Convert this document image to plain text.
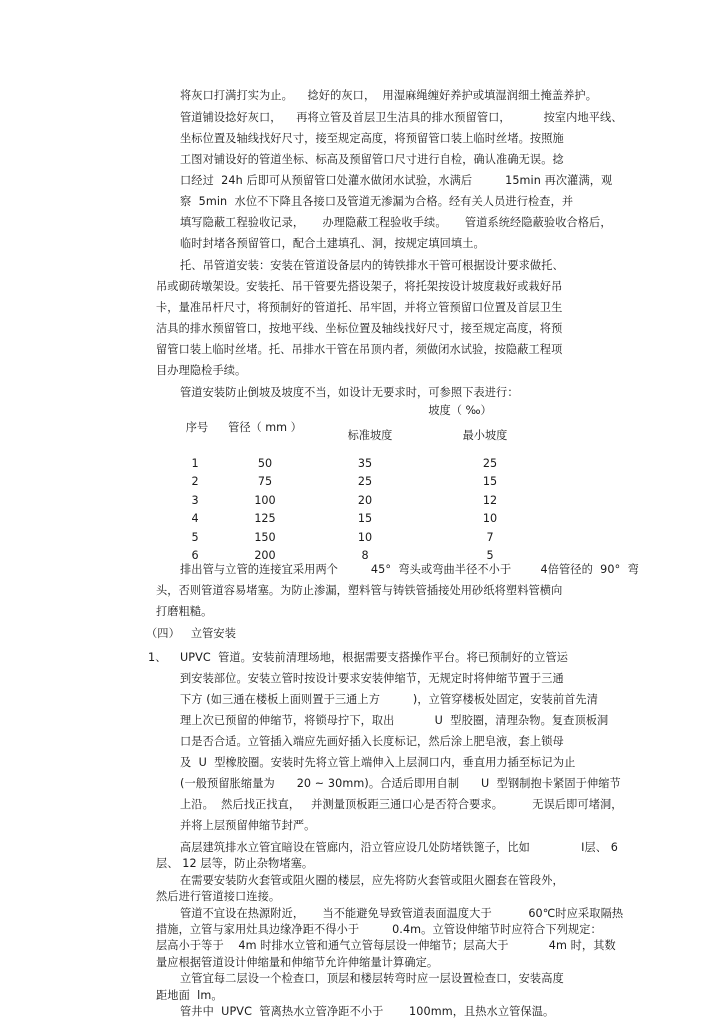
将灰口打满打实为止。    捻好的灰口，  用湿麻绳缠好养护或填湿润细土掩盖养护。
管道铺设捻好灰口，    再将立管及首层卫生洁具的排水预留管口，         按室内地平线、
坐标位置及轴线找好尺寸，接至规定高度，将预留管口装上临时丝堵。按照施
工图对铺设好的管道坐标、标高及预留管口尺寸进行自检，确认准确无误。捻
口经过  24h 后即可从预留管口处灌水做闭水试验，水满后         15min 再次灌满，观
察  5min  水位不下降且各接口及管道无渗漏为合格。经有关人员进行检查，并
填写隐蔽工程验收记录，     办理隐蔽工程验收手续。     管道系统经隐蔽验收合格后，
临时封堵各预留管口，配合土建填孔、洞，按规定填回填土。
托、吊管道安装：安装在管道设备层内的铸铁排水干管可根据设计要求做托、
吊或砌砖墩架设。安装托、吊干管要先搭设架子，将托架按设计坡度栽好或栽好吊
卡，量准吊杆尺寸，将预制好的管道托、吊牢固，并将立管预留口位置及首层卫生
洁具的排水预留管口，按地平线、坐标位置及轴线找好尺寸，接至规定高度，将预
留管口装上临时丝堵。托、吊排水干管在吊顶内者，须做闭水试验，按隐蔽工程项
目办理隐检手续。
管道安装防止倒坡及坡度不当，如设计无要求时，可参照下表进行：
坡度（ ‰）
序号	管径（ mm ）
标准坡度	最小坡度
1	50	35	25
2	75	25	15
3	100	20	12
4	125	15	10
5	150	10	7
6	200	8	5
排出管与立管的连接宜采用两个         45°  弯头或弯曲半径不小于        4倍管径的  90°  弯
头，否则管道容易堵塞。为防止渗漏，塑料管与铸铁管插接处用砂纸将塑料管横向
打磨粗糙。
（四）   立管安装
1、 UPVC  管道。安装前清理场地，根据需要支搭操作平台。将已预制好的立管运
到安装部位。安装立管时按设计要求安装伸缩节，无规定时将伸缩节置于三通
下方 (如三通在楼板上面则置于三通上方         )，立管穿楼板处固定，安装前首先清
理上次已预留的伸缩节，将锁母拧下，取出           U  型胶圈，清理杂物。复查顶板洞
口是否合适。立管插入端应先画好插入长度标记，然后涂上肥皂液，套上锁母
及  U  型橡胶圈。安装时先将立管上端伸入上层洞口内，垂直用力插至标记为止
(一般预留胀缩量为      20 ~ 30mm)。合适后即用自制      U  型钢制抱卡紧固于伸缩节
上沿。  然后找正找直，   并测量顶板距三通口心是否符合要求。        无误后即可堵洞，
并将上层预留伸缩节封严。
高层建筑排水立管宜暗设在管廊内，沿立管应设几处防堵铁篦子，比如              Ⅰ层、 6
层、 12 层等，防止杂物堵塞。
在需要安装防火套管或阻火圈的楼层，应先将防火套管或阻火圈套在管段外，
然后进行管道接口连接。
管道不宜设在热源附近，     当不能避免导致管道表面温度大于          60℃时应采取隔热
措施，立管与家用灶具边缘净距不得小于         0.4m。立管设伸缩节时应符合下列规定：
层高小于等于    4m 时排水立管和通气立管每层设一伸缩节；层高大于           4m 时，其数
量应根据管道设计伸缩量和伸缩节允许伸缩量计算确定。
立管宜每二层设一个检查口，顶层和楼层转弯时应一层设置检查口，安装高度
距地面  lm。
管井中  UPVC  管离热水立管净距不小于       100mm，且热水立管保温。
